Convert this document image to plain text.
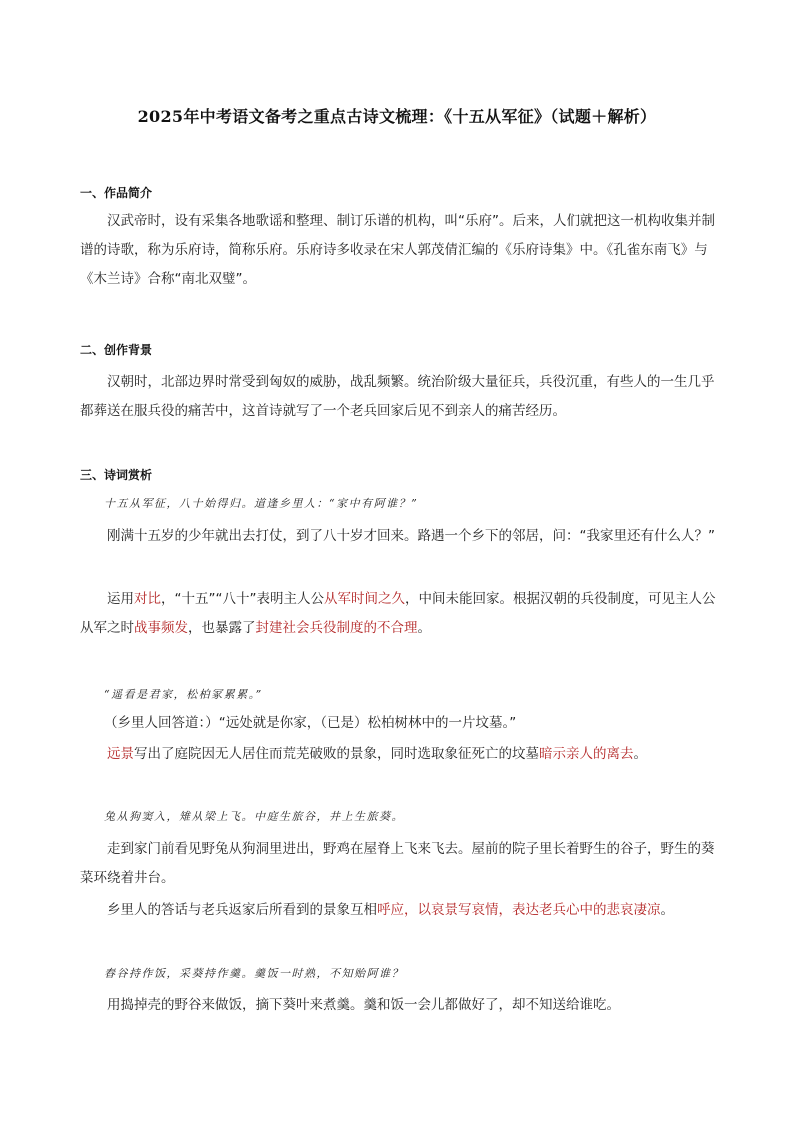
2025年中考语文备考之重点古诗文梳理：《十五从军征》（试题＋解析）
一、作品简介

汉武帝时，设有采集各地歌谣和整理、制订乐谱的机构，叫“乐府”。后来，人们就把这一机构收集并制谱的诗歌，称为乐府诗，简称乐府。乐府诗多收录在宋人郭茂倩汇编的《乐府诗集》中。《孔雀东南飞》与《木兰诗》合称“南北双璧”。

二、创作背景

汉朝时，北部边界时常受到匈奴的威胁，战乱频繁。统治阶级大量征兵，兵役沉重，有些人的一生几乎都葬送在服兵役的痛苦中，这首诗就写了一个老兵回家后见不到亲人的痛苦经历。

三、诗词赏析
十五从军征，八十始得归。道逢乡里人：“家中有阿谁？”

刚满十五岁的少年就出去打仗，到了八十岁才回来。路遇一个乡下的邻居，问：“我家里还有什么人？”

运用对比，“十五”“八十”表明主人公从军时间之久，中间未能回家。根据汉朝的兵役制度，可见主人公从军之时战事频发，也暴露了封建社会兵役制度的不合理。

“遥看是君家，松柏冢累累。”

（乡里人回答道：）“远处就是你家，（已是）松柏树林中的一片坟墓。”

远景写出了庭院因无人居住而荒芜破败的景象，同时选取象征死亡的坟墓暗示亲人的离去。

兔从狗窦入，雉从梁上飞。中庭生旅谷，井上生旅葵。

走到家门前看见野兔从狗洞里进出，野鸡在屋脊上飞来飞去。屋前的院子里长着野生的谷子，野生的葵菜环绕着井台。

乡里人的答话与老兵返家后所看到的景象互相呼应，以哀景写哀情，表达老兵心中的悲哀凄凉。

舂谷持作饭，采葵持作羹。羹饭一时熟，不知贻阿谁？

用捣掉壳的野谷来做饭，摘下葵叶来煮羹。羹和饭一会儿都做好了，却不知送给谁吃。
